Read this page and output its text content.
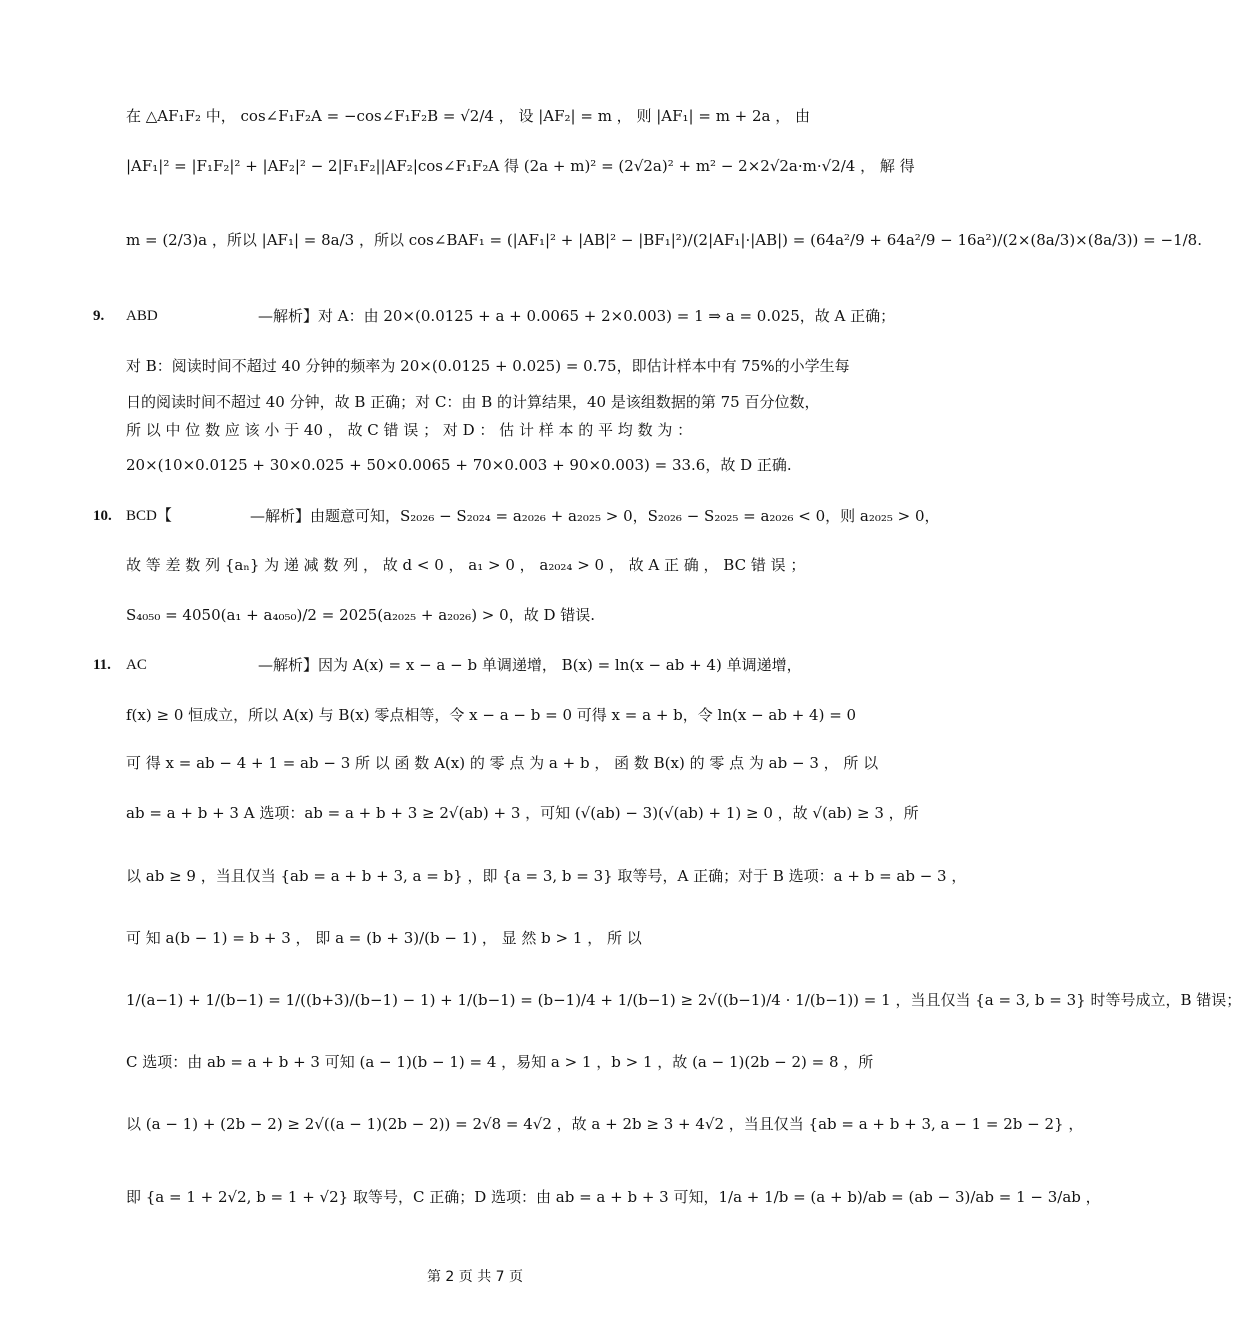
在 △AF₁F₂ 中， cos∠F₁F₂A = −cos∠F₁F₂B = √2/4 ， 设 |AF₂| = m ， 则 |AF₁| = m + 2a ， 由
|AF₁|² = |F₁F₂|² + |AF₂|² − 2|F₁F₂||AF₂|cos∠F₁F₂A 得 (2a + m)² = (2√2a)² + m² − 2×2√2a·m·√2/4 ， 解 得
m = (2/3)a ，所以 |AF₁| = 8a/3 ，所以 cos∠BAF₁ = (|AF₁|² + |AB|² − |BF₁|²)/(2|AF₁|·|AB|) = (64a²/9 + 64a²/9 − 16a²)/(2×(8a/3)×(8a/3)) = −1/8.
9. ABD	—解析】对 A：由 20×(0.0125 + a + 0.0065 + 2×0.003) = 1 ⇒ a = 0.025，故 A 正确；
对 B：阅读时间不超过 40 分钟的频率为 20×(0.0125 + 0.025) = 0.75，即估计样本中有 75%的小学生每
日的阅读时间不超过 40 分钟，故 B 正确；对 C：由 B 的计算结果，40 是该组数据的第 75 百分位数，
所 以 中 位 数 应 该 小 于 40 ， 故 C 错 误 ； 对 D ： 估 计 样 本 的 平 均 数 为 ：
20×(10×0.0125 + 30×0.025 + 50×0.0065 + 70×0.003 + 90×0.003) = 33.6，故 D 正确.
10. BCD【	—解析】由题意可知，S₂₀₂₆ − S₂₀₂₄ = a₂₀₂₆ + a₂₀₂₅ > 0，S₂₀₂₆ − S₂₀₂₅ = a₂₀₂₆ < 0，则 a₂₀₂₅ > 0，
故 等 差 数 列 {aₙ} 为 递 减 数 列 ， 故 d < 0 ， a₁ > 0 ， a₂₀₂₄ > 0 ， 故 A 正 确 ， BC 错 误 ；
S₄₀₅₀ = 4050(a₁ + a₄₀₅₀)/2 = 2025(a₂₀₂₅ + a₂₀₂₆) > 0，故 D 错误.
11. AC	—解析】因为 A(x) = x − a − b 单调递增， B(x) = ln(x − ab + 4) 单调递增，
f(x) ≥ 0 恒成立，所以 A(x) 与 B(x) 零点相等，令 x − a − b = 0 可得 x = a + b，令 ln(x − ab + 4) = 0
可 得 x = ab − 4 + 1 = ab − 3 所 以 函 数 A(x) 的 零 点 为 a + b ， 函 数 B(x) 的 零 点 为 ab − 3 ， 所 以
ab = a + b + 3 A 选项：ab = a + b + 3 ≥ 2√(ab) + 3 ，可知 (√(ab) − 3)(√(ab) + 1) ≥ 0 ，故 √(ab) ≥ 3 ，所
以 ab ≥ 9 ，当且仅当 {ab = a + b + 3, a = b} ，即 {a = 3, b = 3} 取等号，A 正确；对于 B 选项：a + b = ab − 3 ，
可 知 a(b − 1) = b + 3 ， 即 a = (b + 3)/(b − 1) ， 显 然 b > 1 ， 所 以
1/(a−1) + 1/(b−1) = 1/((b+3)/(b−1) − 1) + 1/(b−1) = (b−1)/4 + 1/(b−1) ≥ 2√((b−1)/4 · 1/(b−1)) = 1 ，当且仅当 {a = 3, b = 3} 时等号成立，B 错误；
C 选项：由 ab = a + b + 3 可知 (a − 1)(b − 1) = 4 ，易知 a > 1 ，b > 1 ，故 (a − 1)(2b − 2) = 8 ，所
以 (a − 1) + (2b − 2) ≥ 2√((a − 1)(2b − 2)) = 2√8 = 4√2 ，故 a + 2b ≥ 3 + 4√2 ，当且仅当 {ab = a + b + 3, a − 1 = 2b − 2} ，
即 {a = 1 + 2√2, b = 1 + √2} 取等号，C 正确；D 选项：由 ab = a + b + 3 可知，1/a + 1/b = (a + b)/ab = (ab − 3)/ab = 1 − 3/ab ，
第 2 页 共 7 页
